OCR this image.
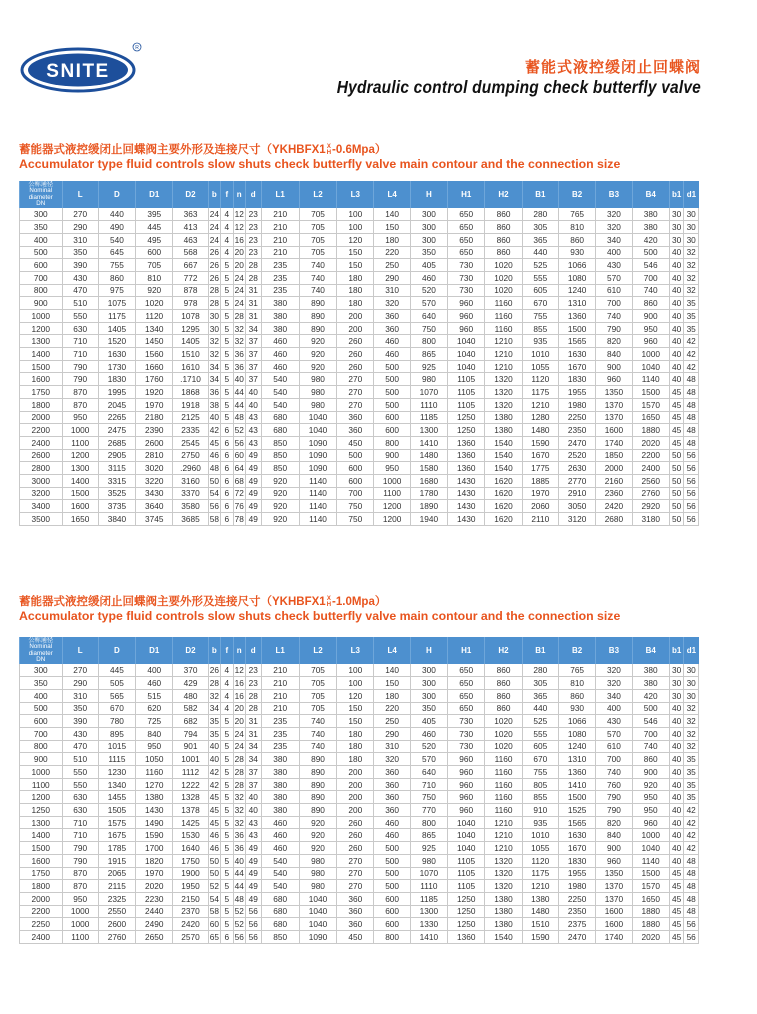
SNITE
R
蓄能式液控缓闭止回蝶阀
Hydraulic control dumping check butterfly valve
蓄能器式液控缓闭止回蝶阀主要外形及连接尺寸（YKHBFX1X
H-0.6Mpa）
Accumulator type fluid controls slow shuts check butterfly valve main contour and the connection size
公称通径
Nominal
diameter
DN	L	D	D1	D2	b	f	n	d	L1	L2	L3	L4	H	H1	H2	B1	B2	B3	B4	b1	d1
300	270	440	395	363	24	4	12	23	210	705	100	140	300	650	860	280	765	320	380	30	30
350	290	490	445	413	24	4	12	23	210	705	100	150	300	650	860	305	810	320	380	30	30
400	310	540	495	463	24	4	16	23	210	705	120	180	300	650	860	365	860	340	420	30	30
500	350	645	600	568	26	4	20	23	210	705	150	220	350	650	860	440	930	400	500	40	32
600	390	755	705	667	26	5	20	28	235	740	150	250	405	730	1020	525	1066	430	546	40	32
700	430	860	810	772	26	5	24	28	235	740	180	290	460	730	1020	555	1080	570	700	40	32
800	470	975	920	878	28	5	24	31	235	740	180	310	520	730	1020	605	1240	610	740	40	32
900	510	1075	1020	978	28	5	24	31	380	890	180	320	570	960	1160	670	1310	700	860	40	35
1000	550	1175	1120	1078	30	5	28	31	380	890	200	360	640	960	1160	755	1360	740	900	40	35
1200	630	1405	1340	1295	30	5	32	34	380	890	200	360	750	960	1160	855	1500	790	950	40	35
1300	710	1520	1450	1405	32	5	32	37	460	920	260	460	800	1040	1210	935	1565	820	960	40	42
1400	710	1630	1560	1510	32	5	36	37	460	920	260	460	865	1040	1210	1010	1630	840	1000	40	42
1500	790	1730	1660	1610	34	5	36	37	460	920	260	500	925	1040	1210	1055	1670	900	1040	40	42
1600	790	1830	1760	.1710	34	5	40	37	540	980	270	500	980	1105	1320	1120	1830	960	1140	40	48
1750	870	1995	1920	1868	36	5	44	40	540	980	270	500	1070	1105	1320	1175	1955	1350	1500	45	48
1800	870	2045	1970	1918	38	5	44	40	540	980	270	500	1110	1105	1320	1210	1980	1370	1570	45	48
2000	950	2265	2180	2125	40	5	48	43	680	1040	360	600	1185	1250	1380	1280	2250	1370	1650	45	48
2200	1000	2475	2390	2335	42	6	52	43	680	1040	360	600	1300	1250	1380	1480	2350	1600	1880	45	48
2400	1100	2685	2600	2545	45	6	56	43	850	1090	450	800	1410	1360	1540	1590	2470	1740	2020	45	48
2600	1200	2905	2810	2750	46	6	60	49	850	1090	500	900	1480	1360	1540	1670	2520	1850	2200	50	56
2800	1300	3115	3020	.2960	48	6	64	49	850	1090	600	950	1580	1360	1540	1775	2630	2000	2400	50	56
3000	1400	3315	3220	3160	50	6	68	49	920	1140	600	1000	1680	1430	1620	1885	2770	2160	2560	50	56
3200	1500	3525	3430	3370	54	6	72	49	920	1140	700	1100	1780	1430	1620	1970	2910	2360	2760	50	56
3400	1600	3735	3640	3580	56	6	76	49	920	1140	750	1200	1890	1430	1620	2060	3050	2420	2920	50	56
3500	1650	3840	3745	3685	58	6	78	49	920	1140	750	1200	1940	1430	1620	2110	3120	2680	3180	50	56
蓄能器式液控缓闭止回蝶阀主要外形及连接尺寸（YKHBFX1X
H-1.0Mpa）
Accumulator type fluid controls slow shuts check butterfly valve main contour and the connection size
公称通径
Nominal
diameter
DN	L	D	D1	D2	b	f	n	d	L1	L2	L3	L4	H	H1	H2	B1	B2	B3	B4	b1	d1
300	270	445	400	370	26	4	12	23	210	705	100	140	300	650	860	280	765	320	380	30	30
350	290	505	460	429	28	4	16	23	210	705	100	150	300	650	860	305	810	320	380	30	30
400	310	565	515	480	32	4	16	28	210	705	120	180	300	650	860	365	860	340	420	30	30
500	350	670	620	582	34	4	20	28	210	705	150	220	350	650	860	440	930	400	500	40	32
600	390	780	725	682	35	5	20	31	235	740	150	250	405	730	1020	525	1066	430	546	40	32
700	430	895	840	794	35	5	24	31	235	740	180	290	460	730	1020	555	1080	570	700	40	32
800	470	1015	950	901	40	5	24	34	235	740	180	310	520	730	1020	605	1240	610	740	40	32
900	510	1115	1050	1001	40	5	28	34	380	890	180	320	570	960	1160	670	1310	700	860	40	35
1000	550	1230	1160	1112	42	5	28	37	380	890	200	360	640	960	1160	755	1360	740	900	40	35
1100	550	1340	1270	1222	42	5	28	37	380	890	200	360	710	960	1160	805	1410	760	920	40	35
1200	630	1455	1380	1328	45	5	32	40	380	890	200	360	750	960	1160	855	1500	790	950	40	35
1250	630	1505	1430	1378	45	5	32	40	380	890	200	360	770	960	1160	910	1525	790	950	40	42
1300	710	1575	1490	1425	45	5	32	43	460	920	260	460	800	1040	1210	935	1565	820	960	40	42
1400	710	1675	1590	1530	46	5	36	43	460	920	260	460	865	1040	1210	1010	1630	840	1000	40	42
1500	790	1785	1700	1640	46	5	36	49	460	920	260	500	925	1040	1210	1055	1670	900	1040	40	42
1600	790	1915	1820	1750	50	5	40	49	540	980	270	500	980	1105	1320	1120	1830	960	1140	40	48
1750	870	2065	1970	1900	50	5	44	49	540	980	270	500	1070	1105	1320	1175	1955	1350	1500	45	48
1800	870	2115	2020	1950	52	5	44	49	540	980	270	500	1110	1105	1320	1210	1980	1370	1570	45	48
2000	950	2325	2230	2150	54	5	48	49	680	1040	360	600	1185	1250	1380	1380	2250	1370	1650	45	48
2200	1000	2550	2440	2370	58	5	52	56	680	1040	360	600	1300	1250	1380	1480	2350	1600	1880	45	48
2250	1000	2600	2490	2420	60	5	52	56	680	1040	360	600	1330	1250	1380	1510	2375	1600	1880	45	56
2400	1100	2760	2650	2570	65	6	56	56	850	1090	450	800	1410	1360	1540	1590	2470	1740	2020	45	56
